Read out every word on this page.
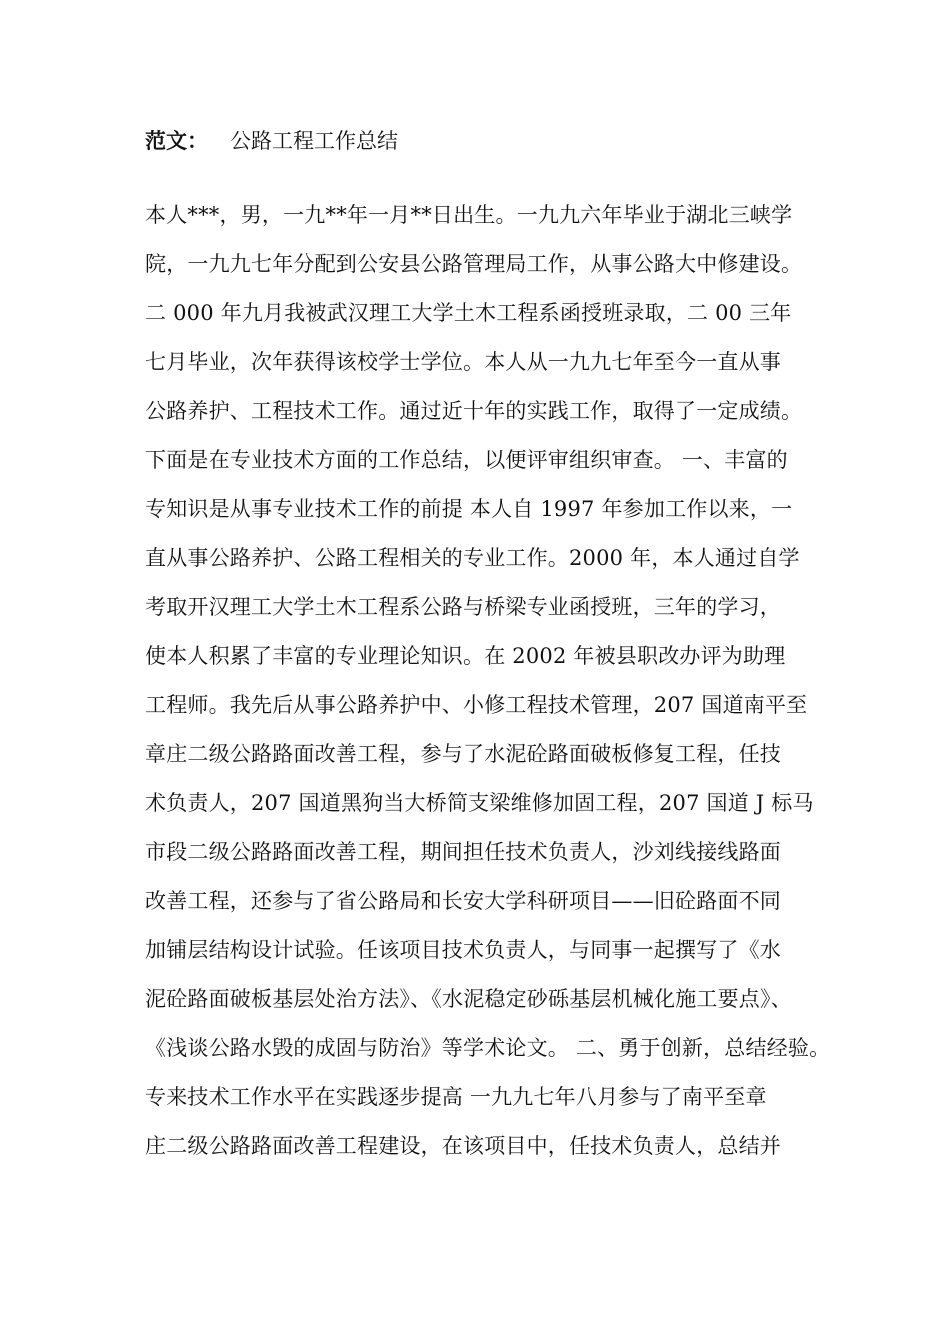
范文： 公路工程工作总结
本人***，男，一九**年一月**日出生。一九九六年毕业于湖北三峡学
院，一九九七年分配到公安县公路管理局工作，从事公路大中修建设。
二 000 年九月我被武汉理工大学土木工程系函授班录取，二 00 三年
七月毕业，次年获得该校学士学位。本人从一九九七年至今一直从事
公路养护、工程技术工作。通过近十年的实践工作，取得了一定成绩。
下面是在专业技术方面的工作总结，以便评审组织审查。 一、丰富的
专知识是从事专业技术工作的前提 本人自 1997 年参加工作以来，一
直从事公路养护、公路工程相关的专业工作。2000 年，本人通过自学
考取开汉理工大学土木工程系公路与桥梁专业函授班，三年的学习，
使本人积累了丰富的专业理论知识。在 2002 年被县职改办评为助理
工程师。我先后从事公路养护中、小修工程技术管理，207 国道南平至
章庄二级公路路面改善工程，参与了水泥砼路面破板修复工程，任技
术负责人，207 国道黑狗当大桥简支梁维修加固工程，207 国道 J 标马
市段二级公路路面改善工程，期间担任技术负责人，沙刘线接线路面
改善工程，还参与了省公路局和长安大学科研项目——旧砼路面不同
加铺层结构设计试验。任该项目技术负责人，与同事一起撰写了《水
泥砼路面破板基层处治方法》、《水泥稳定砂砾基层机械化施工要点》、
《浅谈公路水毁的成固与防治》等学术论文。 二、勇于创新，总结经验。
专来技术工作水平在实践逐步提高 一九九七年八月参与了南平至章
庄二级公路路面改善工程建设，在该项目中，任技术负责人，总结并
